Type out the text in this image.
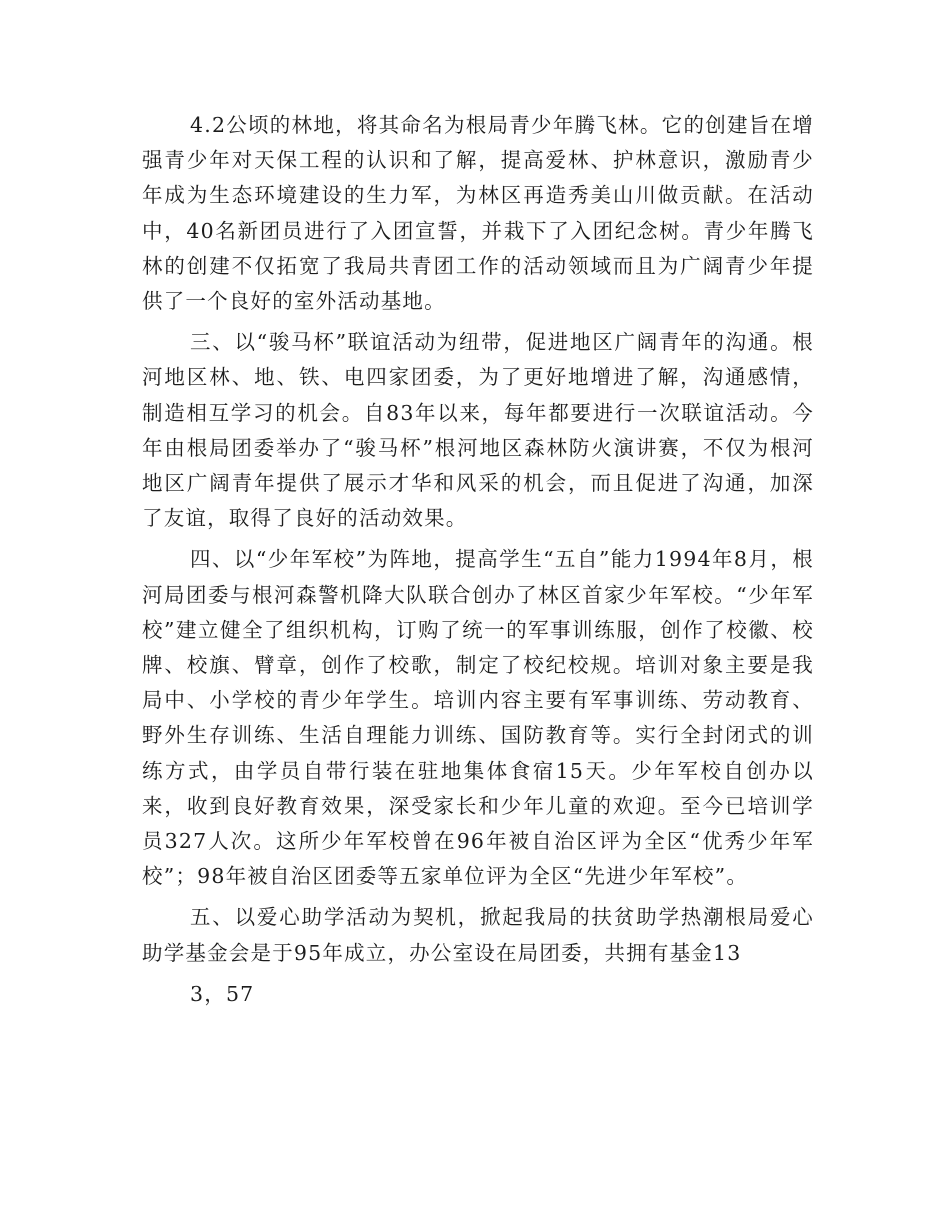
4.2公顷的林地，将其命名为根局青少年腾飞林。它的创建旨在增强青少年对天保工程的认识和了解，提高爱林、护林意识，激励青少年成为生态环境建设的生力军，为林区再造秀美山川做贡献。在活动中，40名新团员进行了入团宣誓，并栽下了入团纪念树。青少年腾飞林的创建不仅拓宽了我局共青团工作的活动领域而且为广阔青少年提供了一个良好的室外活动基地。

三、以“骏马杯”联谊活动为纽带，促进地区广阔青年的沟通。根河地区林、地、铁、电四家团委，为了更好地增进了解，沟通感情，制造相互学习的机会。自83年以来，每年都要进行一次联谊活动。今年由根局团委举办了“骏马杯”根河地区森林防火演讲赛，不仅为根河地区广阔青年提供了展示才华和风采的机会，而且促进了沟通，加深了友谊，取得了良好的活动效果。

四、以“少年军校”为阵地，提高学生“五自”能力1994年8月，根河局团委与根河森警机降大队联合创办了林区首家少年军校。“少年军校”建立健全了组织机构，订购了统一的军事训练服，创作了校徽、校牌、校旗、臂章，创作了校歌，制定了校纪校规。培训对象主要是我局中、小学校的青少年学生。培训内容主要有军事训练、劳动教育、野外生存训练、生活自理能力训练、国防教育等。实行全封闭式的训练方式，由学员自带行装在驻地集体食宿15天。少年军校自创办以来，收到良好教育效果，深受家长和少年儿童的欢迎。至今已培训学员327人次。这所少年军校曾在96年被自治区评为全区“优秀少年军校”；98年被自治区团委等五家单位评为全区“先进少年军校”。

五、以爱心助学活动为契机，掀起我局的扶贫助学热潮根局爱心助学基金会是于95年成立，办公室设在局团委，共拥有基金13

3，57
